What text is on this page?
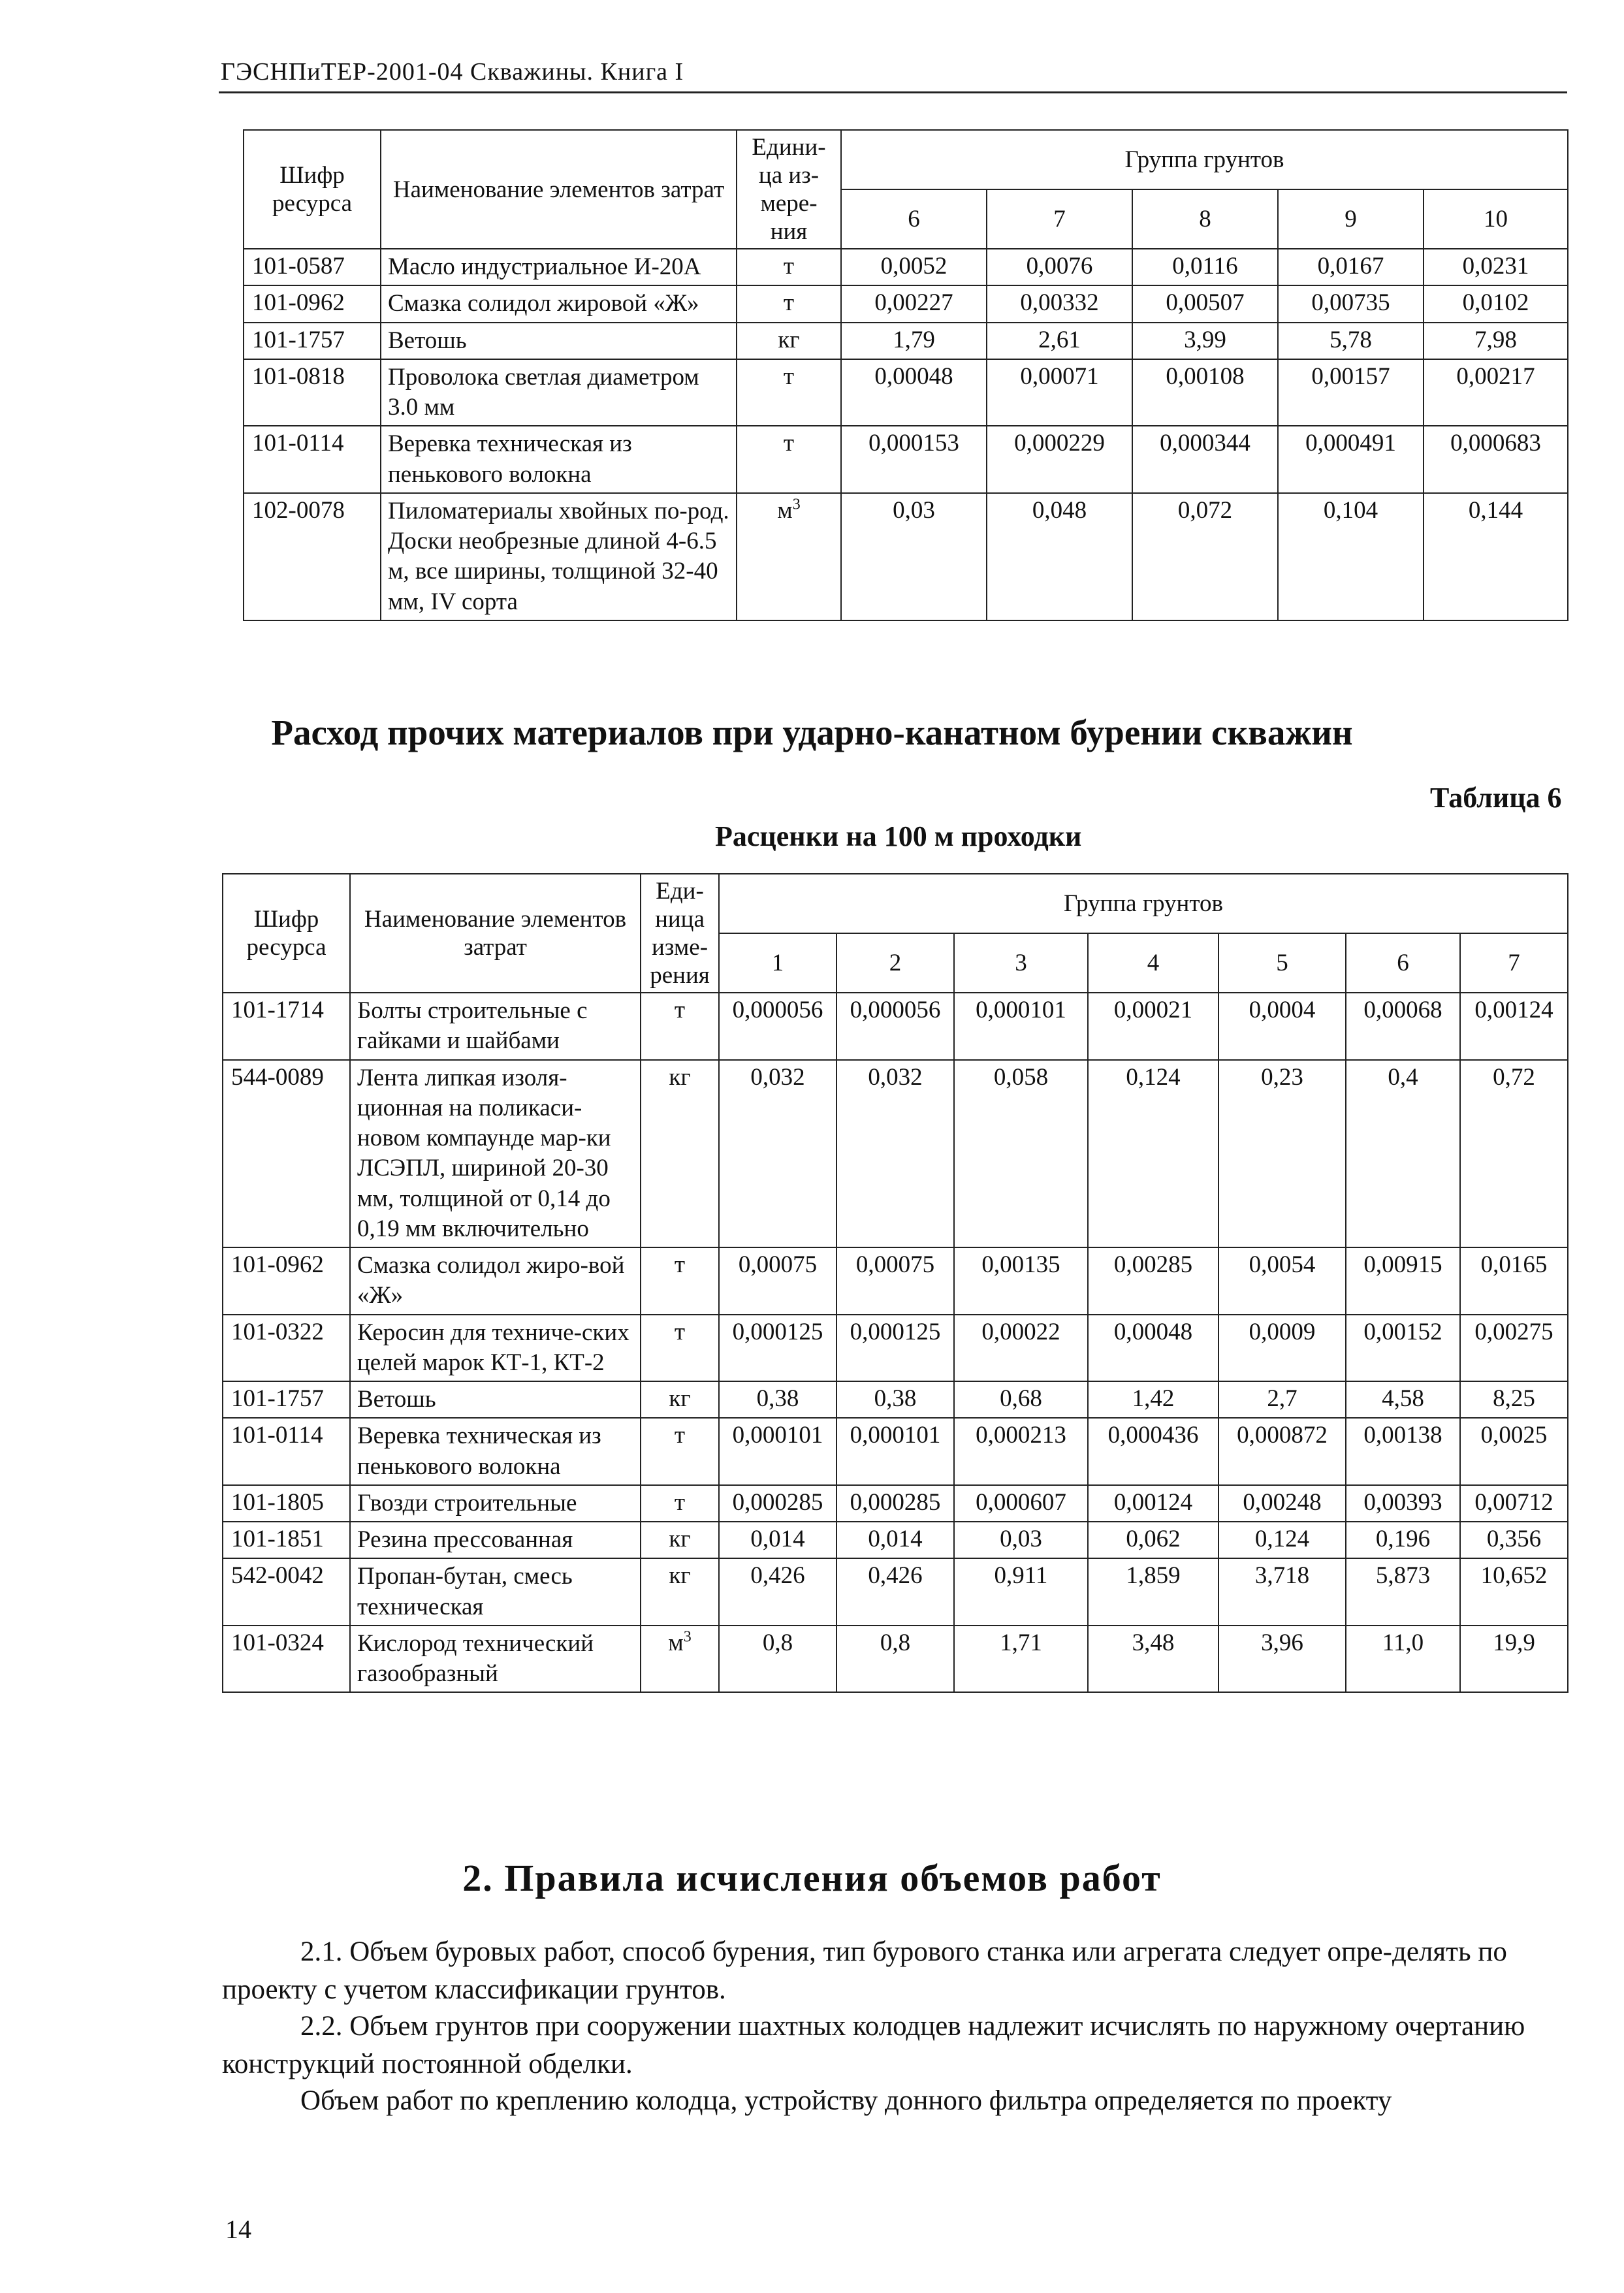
ГЭСНПиТЕР-2001-04 Скважины. Книга I
Шифр ресурса	Наименование элементов затрат	Едини-ца из-мере-ния	Группа грунтов				
			6	7	8	9	10
101-0587	Масло индустриальное И-20А	т	0,0052	0,0076	0,0116	0,0167	0,0231
101-0962	Смазка солидол жировой «Ж»	т	0,00227	0,00332	0,00507	0,00735	0,0102
101-1757	Ветошь	кг	1,79	2,61	3,99	5,78	7,98
101-0818	Проволока светлая диаметром 3.0 мм	т	0,00048	0,00071	0,00108	0,00157	0,00217
101-0114	Веревка техническая из пенькового волокна	т	0,000153	0,000229	0,000344	0,000491	0,000683
102-0078	Пиломатериалы хвойных по-род. Доски необрезные длиной 4-6.5 м, все ширины, толщиной 32-40 мм, IV сорта	$м^3$	0,03	0,048	0,072	0,104	0,144
Расход прочих материалов при ударно-канатном бурении скважин
Таблица 6
Расценки на 100 м проходки
Шифр ресурса	Наименование элементов затрат	Еди-ница изме-рения	Группа грунтов						
			1	2	3	4	5	6	7
101-1714	Болты строительные с гайками и шайбами	т	0,000056	0,000056	0,000101	0,00021	0,0004	0,00068	0,00124
544-0089	Лента липкая изоля-ционная на поликаси-новом компаунде мар-ки ЛСЭПЛ, шириной 20-30 мм, толщиной от 0,14 до 0,19 мм включительно	кг	0,032	0,032	0,058	0,124	0,23	0,4	0,72
101-0962	Смазка солидол жиро-вой «Ж»	т	0,00075	0,00075	0,00135	0,00285	0,0054	0,00915	0,0165
101-0322	Керосин для техниче-ских целей марок КТ-1, КТ-2	т	0,000125	0,000125	0,00022	0,00048	0,0009	0,00152	0,00275
101-1757	Ветошь	кг	0,38	0,38	0,68	1,42	2,7	4,58	8,25
101-0114	Веревка техническая из пенькового волокна	т	0,000101	0,000101	0,000213	0,000436	0,000872	0,00138	0,0025
101-1805	Гвозди строительные	т	0,000285	0,000285	0,000607	0,00124	0,00248	0,00393	0,00712
101-1851	Резина прессованная	кг	0,014	0,014	0,03	0,062	0,124	0,196	0,356
542-0042	Пропан-бутан, смесь техническая	кг	0,426	0,426	0,911	1,859	3,718	5,873	10,652
101-0324	Кислород технический газообразный	$м^3$	0,8	0,8	1,71	3,48	3,96	11,0	19,9
2. Правила исчисления объемов работ
2.1. Объем буровых работ, способ бурения, тип бурового станка или агрегата следует опре-делять по проекту с учетом классификации грунтов.
2.2. Объем грунтов при сооружении шахтных колодцев надлежит исчислять по наружному очертанию конструкций постоянной обделки.
Объем работ по креплению колодца, устройству донного фильтра определяется по проекту
14
